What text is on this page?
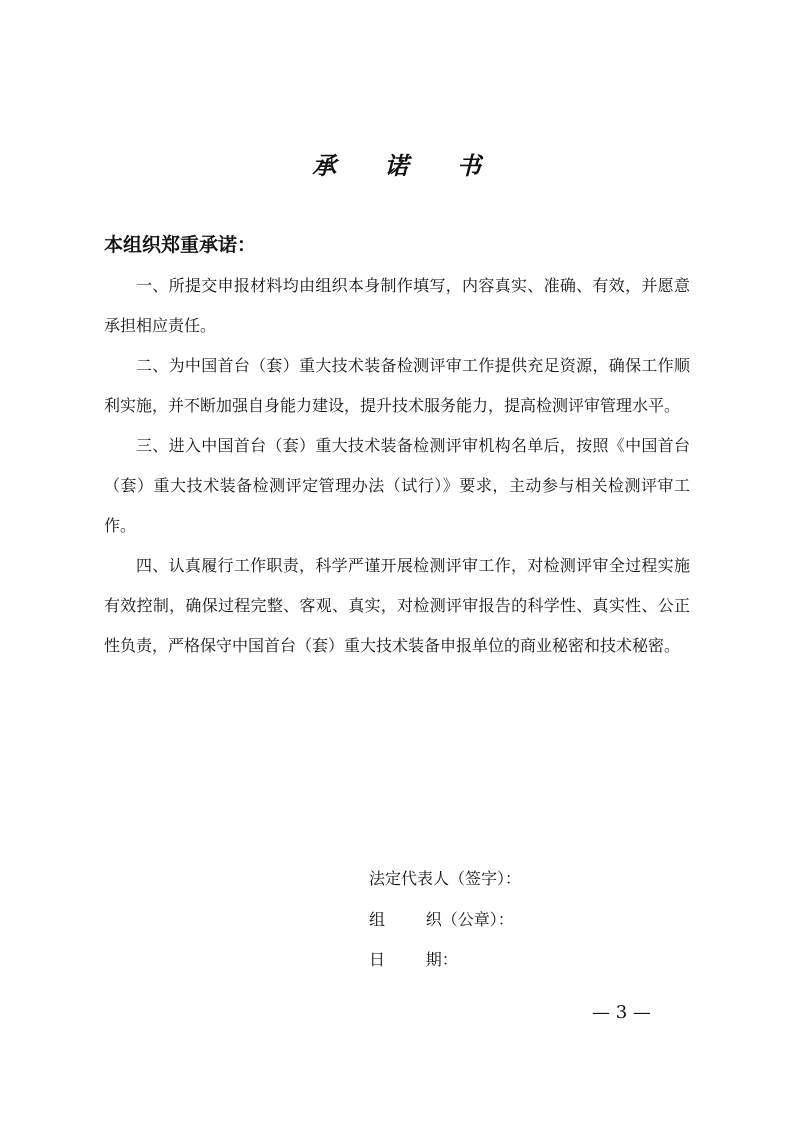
承 诺 书
本组织郑重承诺：

一、所提交申报材料均由组织本身制作填写，内容真实、准确、有效，并愿意承担相应责任。

二、为中国首台（套）重大技术装备检测评审工作提供充足资源，确保工作顺利实施，并不断加强自身能力建设，提升技术服务能力，提高检测评审管理水平。

三、进入中国首台（套）重大技术装备检测评审机构名单后，按照《中国首台（套）重大技术装备检测评定管理办法（试行）》要求，主动参与相关检测评审工作。

四、认真履行工作职责，科学严谨开展检测评审工作，对检测评审全过程实施有效控制，确保过程完整、客观、真实，对检测评审报告的科学性、真实性、公正性负责，严格保守中国首台（套）重大技术装备申报单位的商业秘密和技术秘密。

法定代表人（签字）：
组        织（公章）：
日        期：
— 3 —
